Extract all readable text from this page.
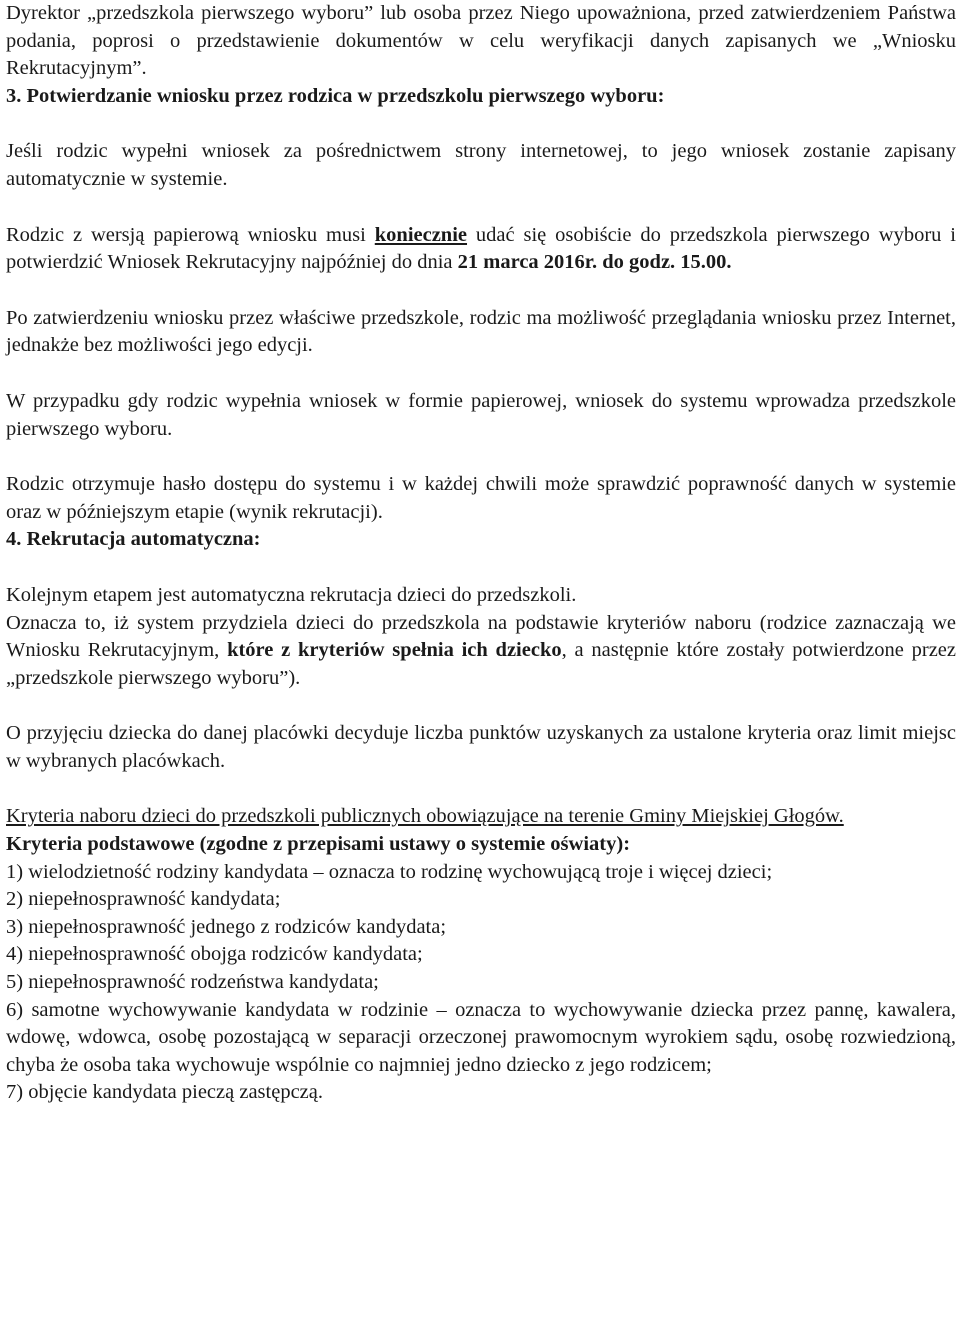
Dyrektor „przedszkola pierwszego wyboru” lub osoba przez Niego upoważniona, przed zatwierdzeniem Państwa podania, poprosi o przedstawienie dokumentów w celu weryfikacji danych zapisanych we „Wniosku Rekrutacyjnym”.

3. Potwierdzanie wniosku przez rodzica w przedszkolu pierwszego wyboru:

Jeśli rodzic wypełni wniosek za pośrednictwem strony internetowej, to jego wniosek zostanie zapisany automatycznie w systemie.

Rodzic z wersją papierową wniosku musi koniecznie udać się osobiście do przedszkola pierwszego wyboru i potwierdzić Wniosek Rekrutacyjny najpóźniej do dnia 21 marca 2016r. do godz. 15.00.

Po zatwierdzeniu wniosku przez właściwe przedszkole, rodzic ma możliwość przeglądania wniosku przez Internet, jednakże bez możliwości jego edycji.

W przypadku gdy rodzic wypełnia wniosek w formie papierowej, wniosek do systemu wprowadza przedszkole pierwszego wyboru.

Rodzic otrzymuje hasło dostępu do systemu i w każdej chwili może sprawdzić poprawność danych w systemie oraz w późniejszym etapie (wynik rekrutacji).

4. Rekrutacja automatyczna:

Kolejnym etapem jest automatyczna rekrutacja dzieci do przedszkoli.

Oznacza to, iż system przydziela dzieci do przedszkola na podstawie kryteriów naboru (rodzice zaznaczają we Wniosku Rekrutacyjnym, które z kryteriów spełnia ich dziecko, a następnie które zostały potwierdzone przez „przedszkole pierwszego wyboru”).

O przyjęciu dziecka do danej placówki decyduje liczba punktów uzyskanych za ustalone kryteria oraz limit miejsc w wybranych placówkach.

Kryteria naboru dzieci do przedszkoli publicznych obowiązujące na terenie Gminy Miejskiej Głogów.

Kryteria podstawowe (zgodne z przepisami ustawy o systemie oświaty):

1) wielodzietność rodziny kandydata – oznacza to rodzinę wychowującą troje i więcej dzieci;

2) niepełnosprawność kandydata;

3) niepełnosprawność jednego z rodziców kandydata;

4) niepełnosprawność obojga rodziców kandydata;

5) niepełnosprawność rodzeństwa kandydata;

6) samotne wychowywanie kandydata w rodzinie – oznacza to wychowywanie dziecka przez pannę, kawalera, wdowę, wdowca, osobę pozostającą w separacji orzeczonej prawomocnym wyrokiem sądu, osobę rozwiedzioną, chyba że osoba taka wychowuje wspólnie co najmniej jedno dziecko z jego rodzicem;

7) objęcie kandydata pieczą zastępczą.
